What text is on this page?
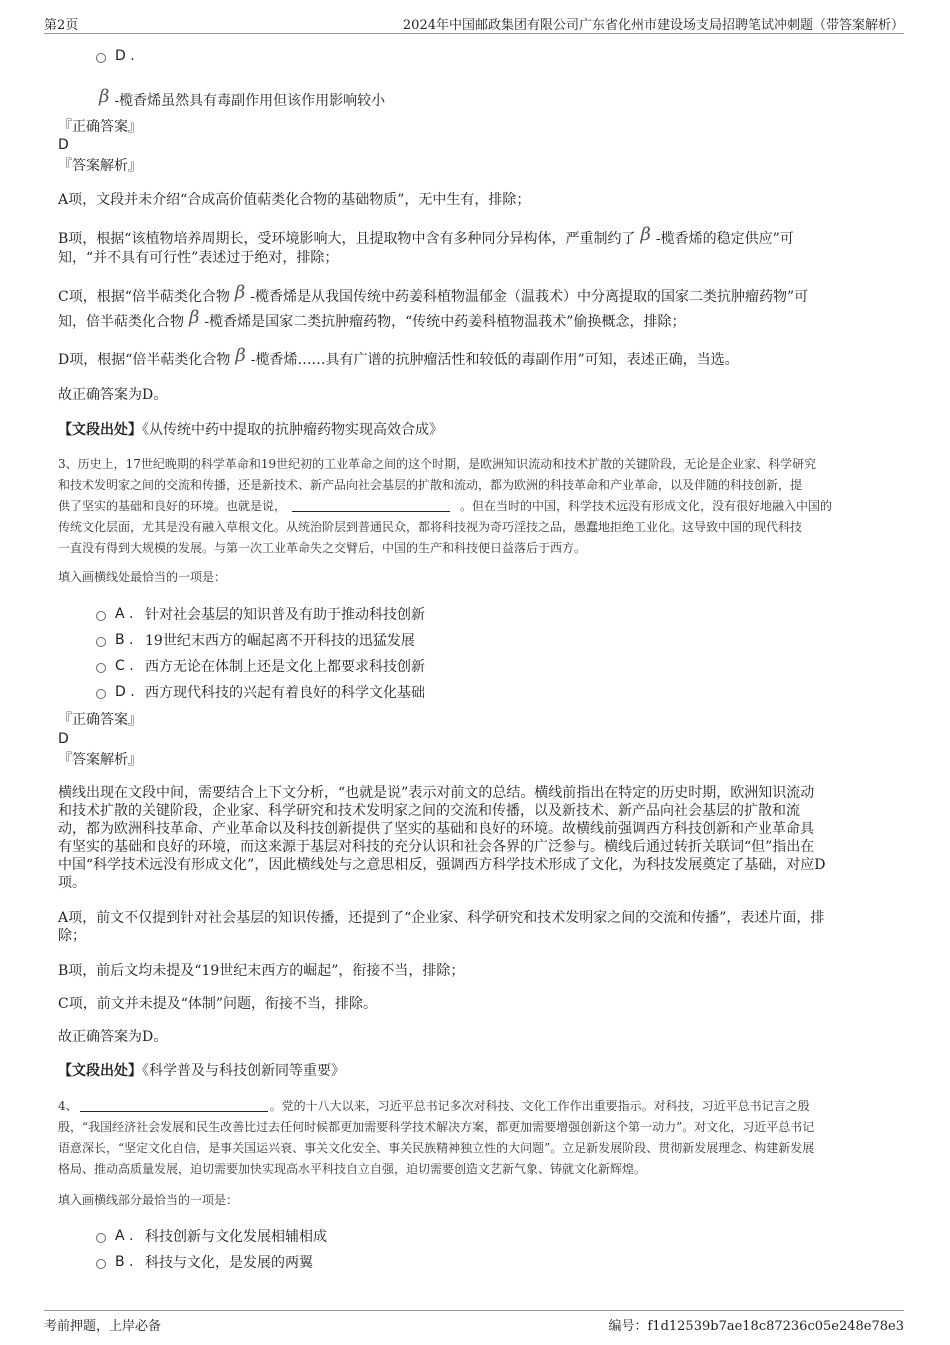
第2页	2024年中国邮政集团有限公司广东省化州市建设场支局招聘笔试冲刺题（带答案解析）
D .
β -榄香烯虽然具有毒副作用但该作用影响较小
『正确答案』
D
『答案解析』
A项，文段并未介绍“合成高价值萜类化合物的基础物质”，无中生有，排除；
B项，根据“该植物培养周期长，受环境影响大，且提取物中含有多种同分异构体，严重制约了 β -榄香烯的稳定供应”可
知，“并不具有可行性”表述过于绝对，排除；
C项，根据“倍半萜类化合物 β -榄香烯是从我国传统中药姜科植物温郁金（温莪术）中分离提取的国家二类抗肿瘤药物”可
知，倍半萜类化合物 β -榄香烯是国家二类抗肿瘤药物，“传统中药姜科植物温莪术”偷换概念，排除；
D项，根据“倍半萜类化合物 β -榄香烯……具有广谱的抗肿瘤活性和较低的毒副作用”可知，表述正确，当选。
故正确答案为D。
【文段出处】《从传统中药中提取的抗肿瘤药物实现高效合成》
3、历史上，17世纪晚期的科学革命和19世纪初的工业革命之间的这个时期，是欧洲知识流动和技术扩散的关键阶段，无论是企业家、科学研究
和技术发明家之间的交流和传播，还是新技术、新产品向社会基层的扩散和流动，都为欧洲的科技革命和产业革命，以及伴随的科技创新，提
供了坚实的基础和良好的环境。也就是说，	。但在当时的中国，科学技术远没有形成文化，没有很好地融入中国的
传统文化层面，尤其是没有融入草根文化。从统治阶层到普通民众，都将科技视为奇巧淫技之品，愚蠢地拒绝工业化。这导致中国的现代科技
一直没有得到大规模的发展。与第一次工业革命失之交臂后，中国的生产和科技便日益落后于西方。
填入画横线处最恰当的一项是：
A . 针对社会基层的知识普及有助于推动科技创新
B . 19世纪末西方的崛起离不开科技的迅猛发展
C . 西方无论在体制上还是文化上都要求科技创新
D . 西方现代科技的兴起有着良好的科学文化基础
『正确答案』
D
『答案解析』
横线出现在文段中间，需要结合上下文分析，“也就是说”表示对前文的总结。横线前指出在特定的历史时期，欧洲知识流动
和技术扩散的关键阶段，企业家、科学研究和技术发明家之间的交流和传播，以及新技术、新产品向社会基层的扩散和流
动，都为欧洲科技革命、产业革命以及科技创新提供了坚实的基础和良好的环境。故横线前强调西方科技创新和产业革命具
有坚实的基础和良好的环境，而这来源于基层对科技的充分认识和社会各界的广泛参与。横线后通过转折关联词“但”指出在
中国“科学技术远没有形成文化”，因此横线处与之意思相反，强调西方科学技术形成了文化，为科技发展奠定了基础，对应D
项。
A项，前文不仅提到针对社会基层的知识传播，还提到了“企业家、科学研究和技术发明家之间的交流和传播”，表述片面，排
除；
B项，前后文均未提及“19世纪末西方的崛起”，衔接不当，排除；
C项，前文并未提及“体制”问题，衔接不当，排除。
故正确答案为D。
【文段出处】《科学普及与科技创新同等重要》
4、	。党的十八大以来，习近平总书记多次对科技、文化工作作出重要指示。对科技，习近平总书记言之殷
殷，“我国经济社会发展和民生改善比过去任何时候都更加需要科学技术解决方案，都更加需要增强创新这个第一动力”。对文化，习近平总书记
语意深长，“坚定文化自信，是事关国运兴衰、事关文化安全、事关民族精神独立性的大问题”。立足新发展阶段、贯彻新发展理念、构建新发展
格局、推动高质量发展，迫切需要加快实现高水平科技自立自强，迫切需要创造文艺新气象、铸就文化新辉煌。
填入画横线部分最恰当的一项是：
A . 科技创新与文化发展相辅相成
B . 科技与文化，是发展的两翼
考前押题，上岸必备	编号：f1d12539b7ae18c87236c05e248e78e3
